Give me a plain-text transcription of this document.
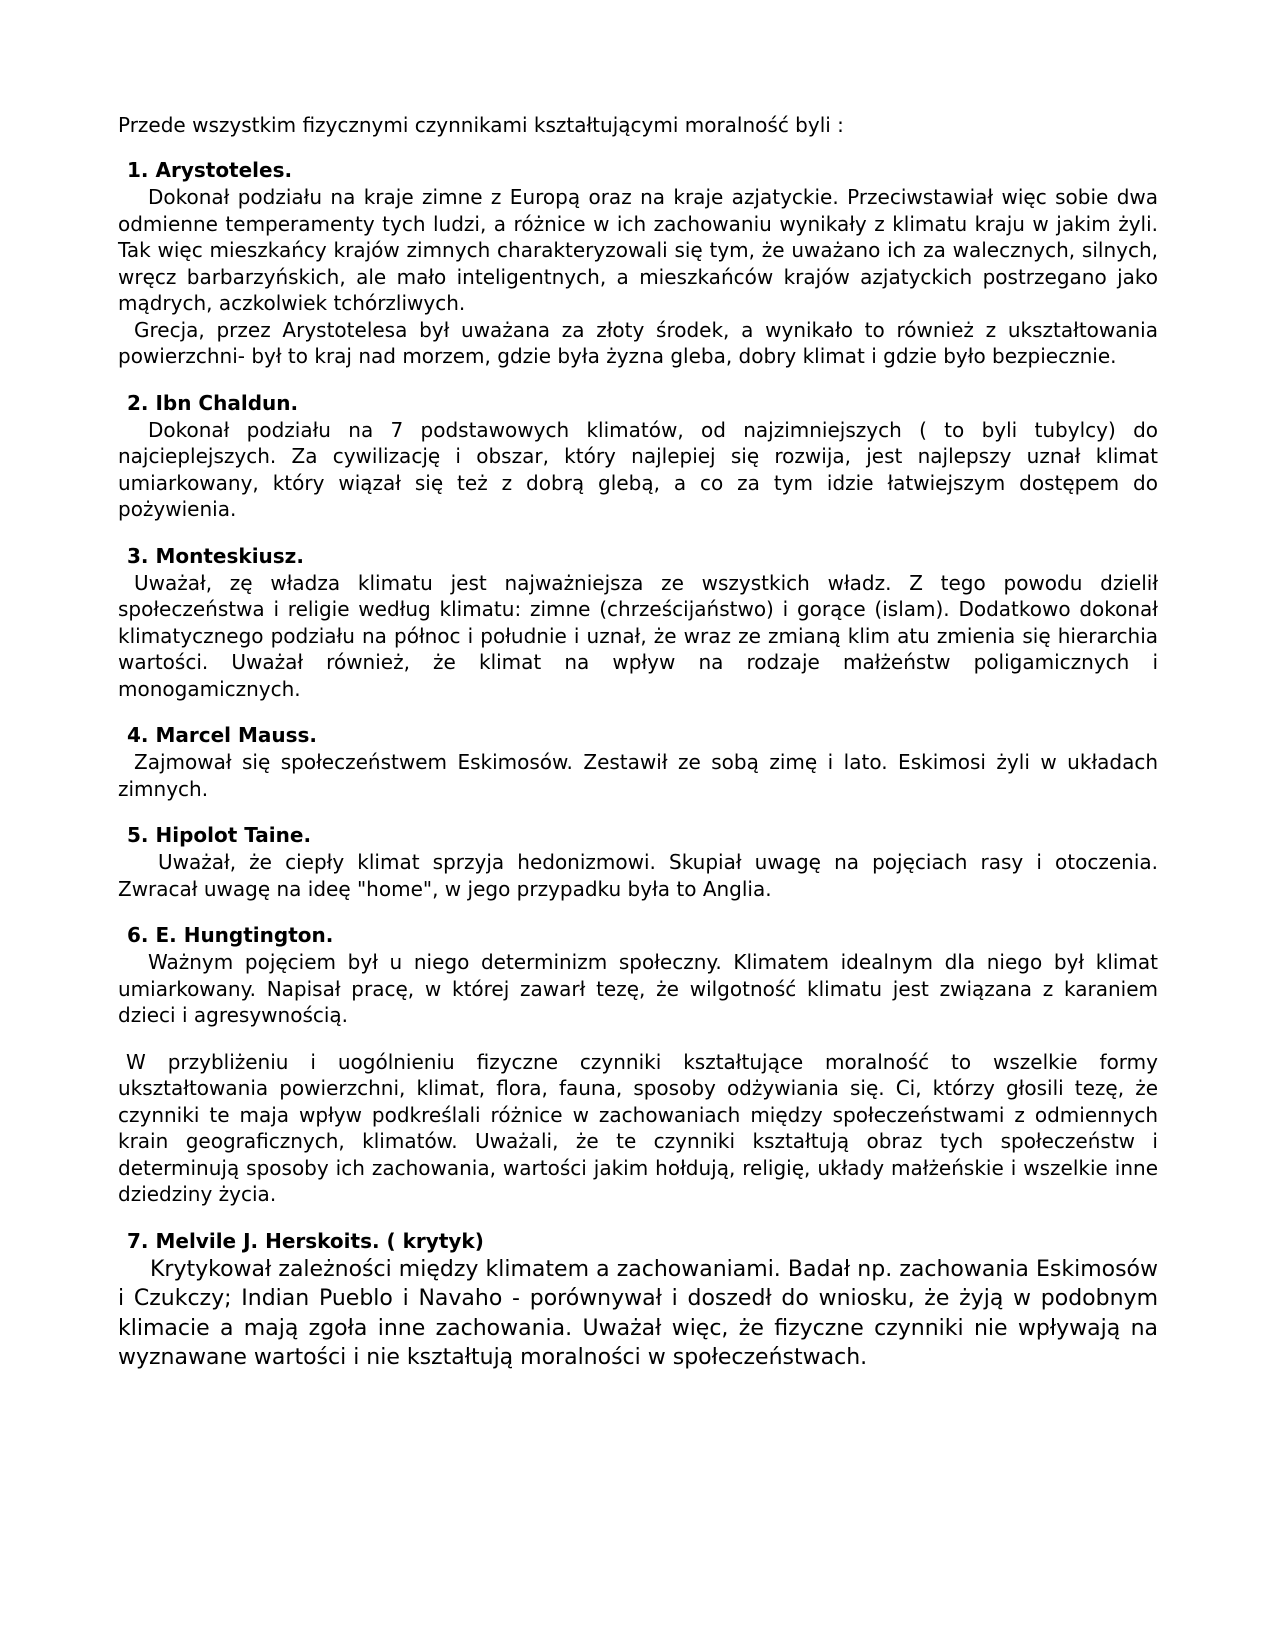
Przede wszystkim fizycznymi czynnikami kształtującymi moralność byli :

1. Arystoteles.

Dokonał podziału na kraje zimne z Europą oraz na kraje azjatyckie. Przeciwstawiał więc sobie dwa odmienne temperamenty tych ludzi, a różnice w ich zachowaniu wynikały z klimatu kraju w jakim żyli. Tak więc mieszkańcy krajów zimnych charakteryzowali się tym, że uważano ich za walecznych, silnych, wręcz barbarzyńskich, ale mało inteligentnych, a mieszkańców krajów azjatyckich postrzegano jako mądrych, aczkolwiek tchórzliwych.

Grecja, przez Arystotelesa był uważana za złoty środek, a wynikało to również z ukształtowania powierzchni- był to kraj nad morzem, gdzie była żyzna gleba, dobry klimat i gdzie było bezpiecznie.

2. Ibn Chaldun.

Dokonał podziału na 7 podstawowych klimatów, od najzimniejszych ( to byli tubylcy) do najcieplejszych. Za cywilizację i obszar, który najlepiej się rozwija, jest najlepszy uznał klimat umiarkowany, który wiązał się też z dobrą glebą, a co za tym idzie łatwiejszym dostępem do pożywienia.

3. Monteskiusz.

Uważał, zę władza klimatu jest najważniejsza ze wszystkich władz. Z tego powodu dzielił społeczeństwa i religie według klimatu: zimne (chrześcijaństwo) i gorące (islam). Dodatkowo dokonał klimatycznego podziału na północ i południe i uznał, że wraz ze zmianą klim atu zmienia się hierarchia wartości. Uważał również, że klimat na wpływ na rodzaje małżeństw poligamicznych i monogamicznych.

4. Marcel Mauss.

Zajmował się społeczeństwem Eskimosów. Zestawił ze sobą zimę i lato. Eskimosi żyli w układach zimnych.

5. Hipolot Taine.

Uważał, że ciepły klimat sprzyja hedonizmowi. Skupiał uwagę na pojęciach rasy i otoczenia. Zwracał uwagę na ideę "home", w jego przypadku była to Anglia.

6. E. Hungtington.

Ważnym pojęciem był u niego determinizm społeczny. Klimatem idealnym dla niego był klimat umiarkowany. Napisał pracę, w której zawarł tezę, że wilgotność klimatu jest związana z karaniem dzieci i agresywnością.

W przybliżeniu i uogólnieniu fizyczne czynniki kształtujące moralność to wszelkie formy ukształtowania powierzchni, klimat, flora, fauna, sposoby odżywiania się. Ci, którzy głosili tezę, że czynniki te maja wpływ podkreślali różnice w zachowaniach między społeczeństwami z odmiennych krain geograficznych, klimatów. Uważali, że te czynniki kształtują obraz tych społeczeństw i determinują sposoby ich zachowania, wartości jakim hołdują, religię, układy małżeńskie i wszelkie inne dziedziny życia.

7. Melvile J. Herskoits. ( krytyk)

Krytykował zależności między klimatem a zachowaniami. Badał np. zachowania Eskimosów i Czukczy; Indian Pueblo i Navaho - porównywał i doszedł do wniosku, że żyją w podobnym klimacie a mają zgoła inne zachowania. Uważał więc, że fizyczne czynniki nie wpływają na wyznawane wartości i nie kształtują moralności w społeczeństwach.
